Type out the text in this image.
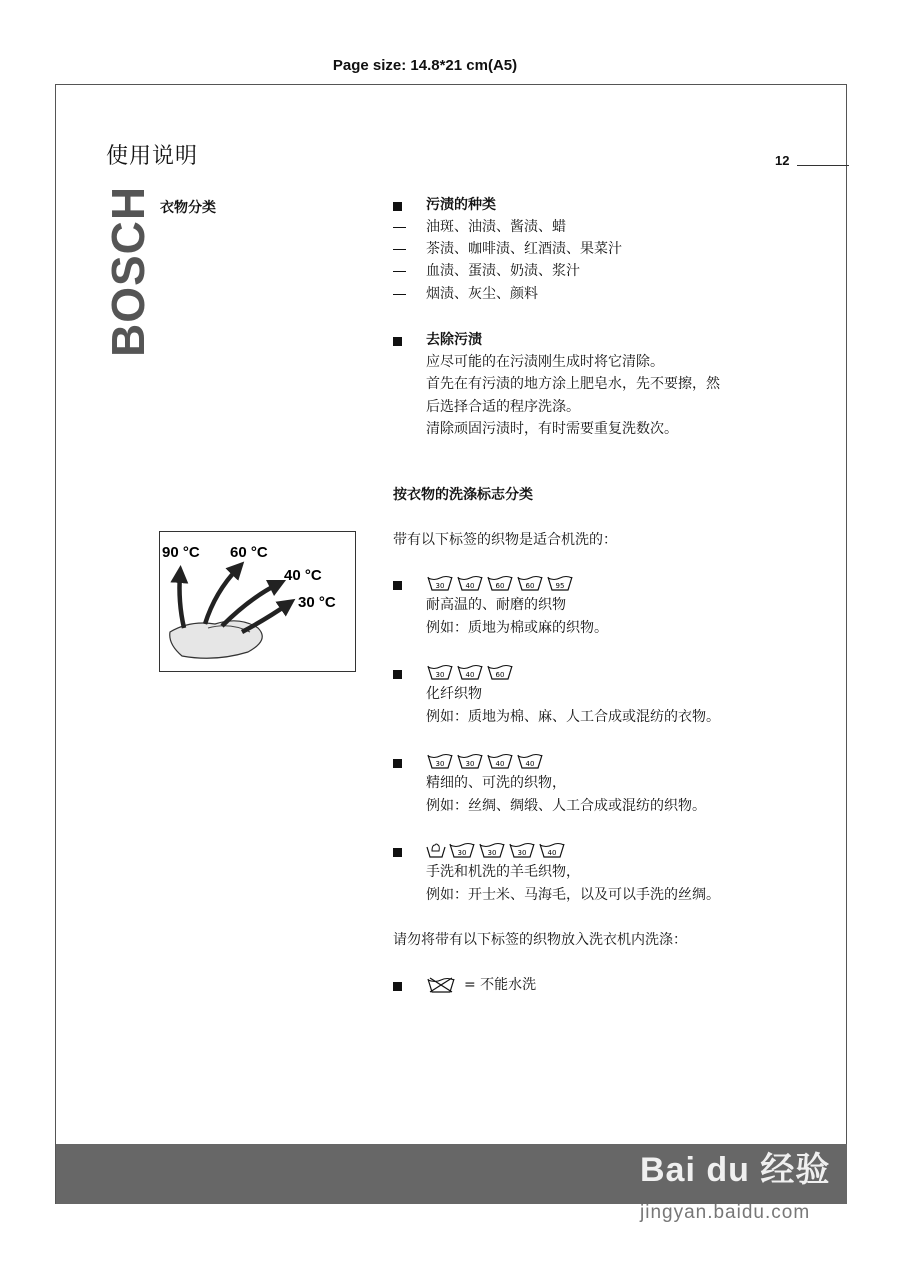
Page size: 14.8*21 cm(A5)
使用说明	12
BOSCH 衣物分类	污渍的种类
油斑、油渍、酱渍、蜡
茶渍、咖啡渍、红酒渍、果菜汁
血渍、蛋渍、奶渍、浆汁
烟渍、灰尘、颜料
去除污渍
应尽可能的在污渍刚生成时将它清除。
首先在有污渍的地方涂上肥皂水，先不要擦，然
后选择合适的程序洗涤。
清除顽固污渍时，有时需要重复洗数次。
按衣物的洗涤标志分类
带有以下标签的织物是适合机洗的：
90 °C 60 °C
40 °C
30 °C
30	40	60	60	95
耐高温的、耐磨的织物
例如：质地为棉或麻的织物。
30	40	60
化纤织物
例如：质地为棉、麻、人工合成或混纺的衣物。
30	30	40	40
精细的、可洗的织物，
例如：丝绸、绸缎、人工合成或混纺的织物。
30	30	30	40
手洗和机洗的羊毛织物，
例如：开士米、马海毛，以及可以手洗的丝绸。
请勿将带有以下标签的织物放入洗衣机内洗涤：
= 不能水洗
Bai du 经验
jingyan.baidu.com
